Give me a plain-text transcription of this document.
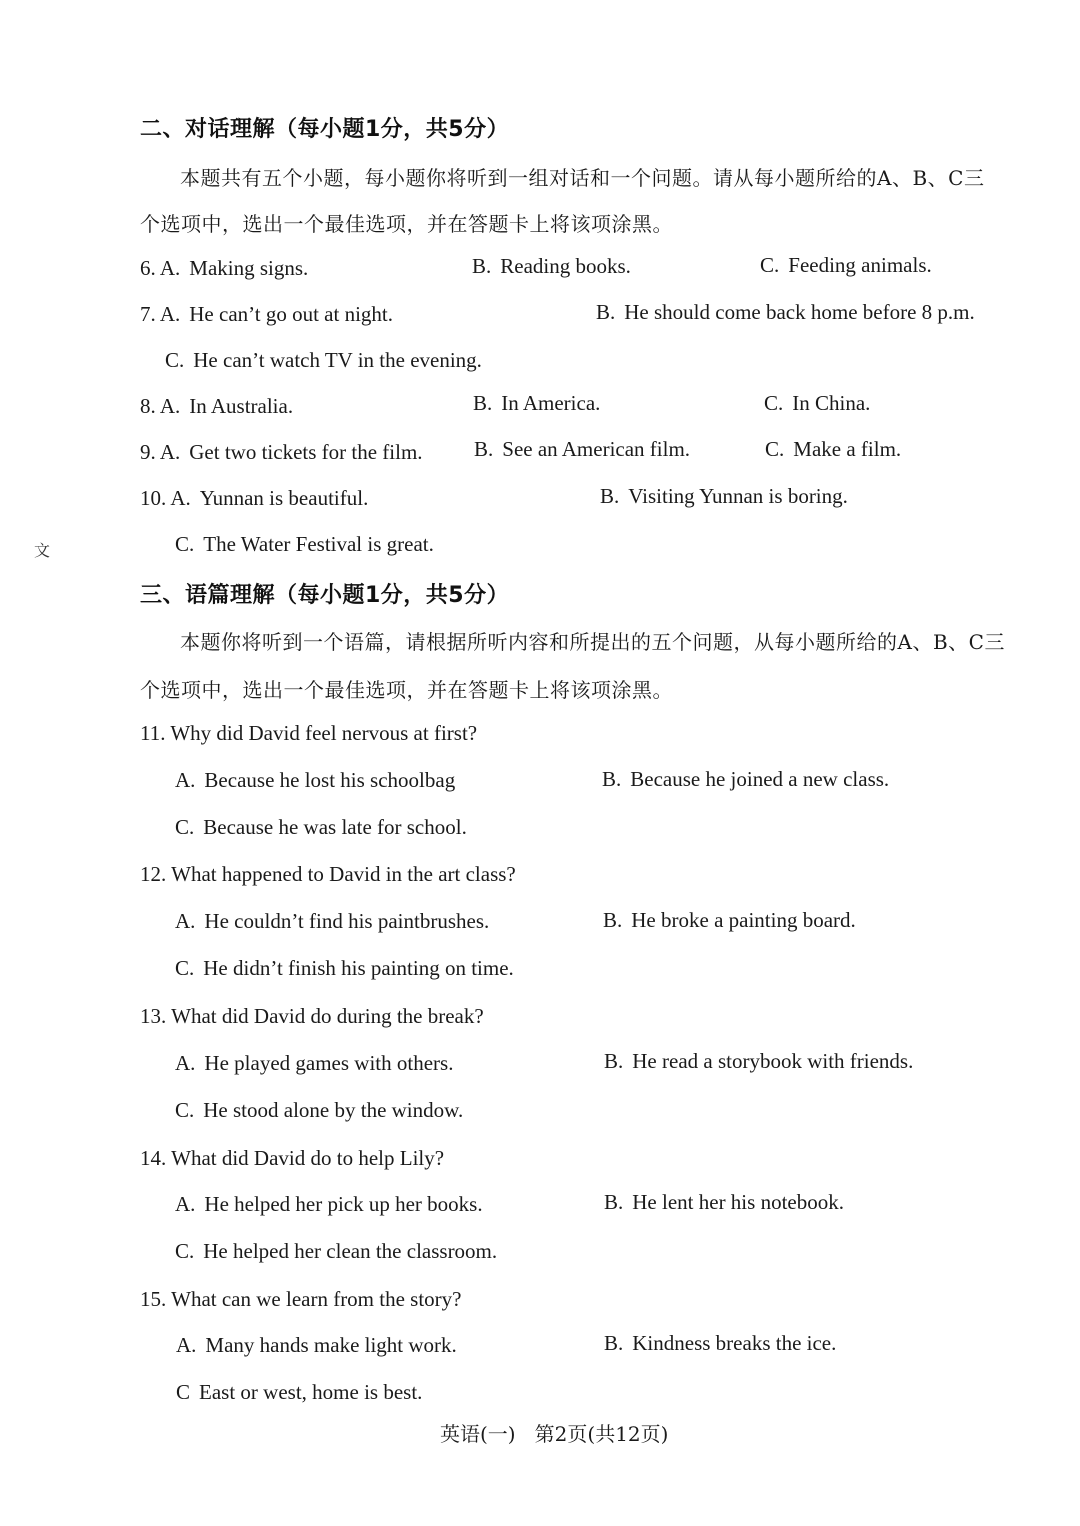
二、对话理解（每小题1分，共5分）
本题共有五个小题，每小题你将听到一组对话和一个问题。请从每小题所给的A、B、C三
个选项中，选出一个最佳选项，并在答题卡上将该项涂黑。
6. A. Making signs.	B. Reading books.	C. Feeding animals.
7. A. He can’t go out at night.	B. He should come back home before 8 p.m.
C. He can’t watch TV in the evening.
8. A. In Australia.	B. In America.	C. In China.
9. A. Get two tickets for the film. B. See an American film.	C. Make a film.
10. A. Yunnan is beautiful.	B. Visiting Yunnan is boring.
C. The Water Festival is great.
文
三、语篇理解（每小题1分，共5分）
本题你将听到一个语篇，请根据所听内容和所提出的五个问题，从每小题所给的A、B、C三
个选项中，选出一个最佳选项，并在答题卡上将该项涂黑。
11. Why did David feel nervous at first?
A. Because he lost his schoolbag	B. Because he joined a new class.
C. Because he was late for school.
12. What happened to David in the art class?
A. He couldn’t find his paintbrushes.	B. He broke a painting board.
C. He didn’t finish his painting on time.
13. What did David do during the break?
A. He played games with others.	B. He read a storybook with friends.
C. He stood alone by the window.
14. What did David do to help Lily?
A. He helped her pick up her books.	B. He lent her his notebook.
C. He helped her clean the classroom.
15. What can we learn from the story?
A. Many hands make light work.	B. Kindness breaks the ice.
C East or west, home is best.
英语(一)   第2页(共12页)
